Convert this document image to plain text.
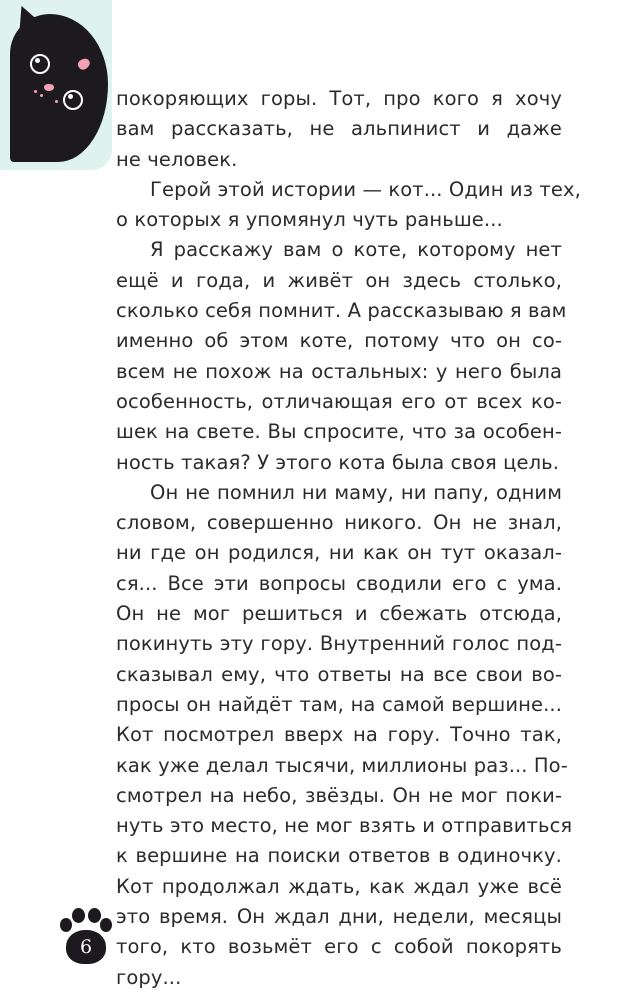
покоряющих горы. Тот, про кого я хочу
вам рассказать, не альпинист и даже
не человек.
Герой этой истории — кот... Один из тех,
о которых я упомянул чуть раньше...
Я расскажу вам о коте, которому нет
ещё и года, и живёт он здесь столько,
сколько себя помнит. А рассказываю я вам
именно об этом коте, потому что он со-
всем не похож на остальных: у него была
особенность, отличающая его от всех ко-
шек на свете. Вы спросите, что за особен-
ность такая? У этого кота была своя цель.
Он не помнил ни маму, ни папу, одним
словом, совершенно никого. Он не знал,
ни где он родился, ни как он тут оказал-
ся... Все эти вопросы сводили его с ума.
Он не мог решиться и сбежать отсюда,
покинуть эту гору. Внутренний голос под-
сказывал ему, что ответы на все свои во-
просы он найдёт там, на самой вершине...
Кот посмотрел вверх на гору. Точно так,
как уже делал тысячи, миллионы раз... По-
смотрел на небо, звёзды. Он не мог поки-
нуть это место, не мог взять и отправиться
к вершине на поиски ответов в одиночку.
Кот продолжал ждать, как ждал уже всё
это время. Он ждал дни, недели, месяцы
того, кто возьмёт его с собой покорять
гору...
6
